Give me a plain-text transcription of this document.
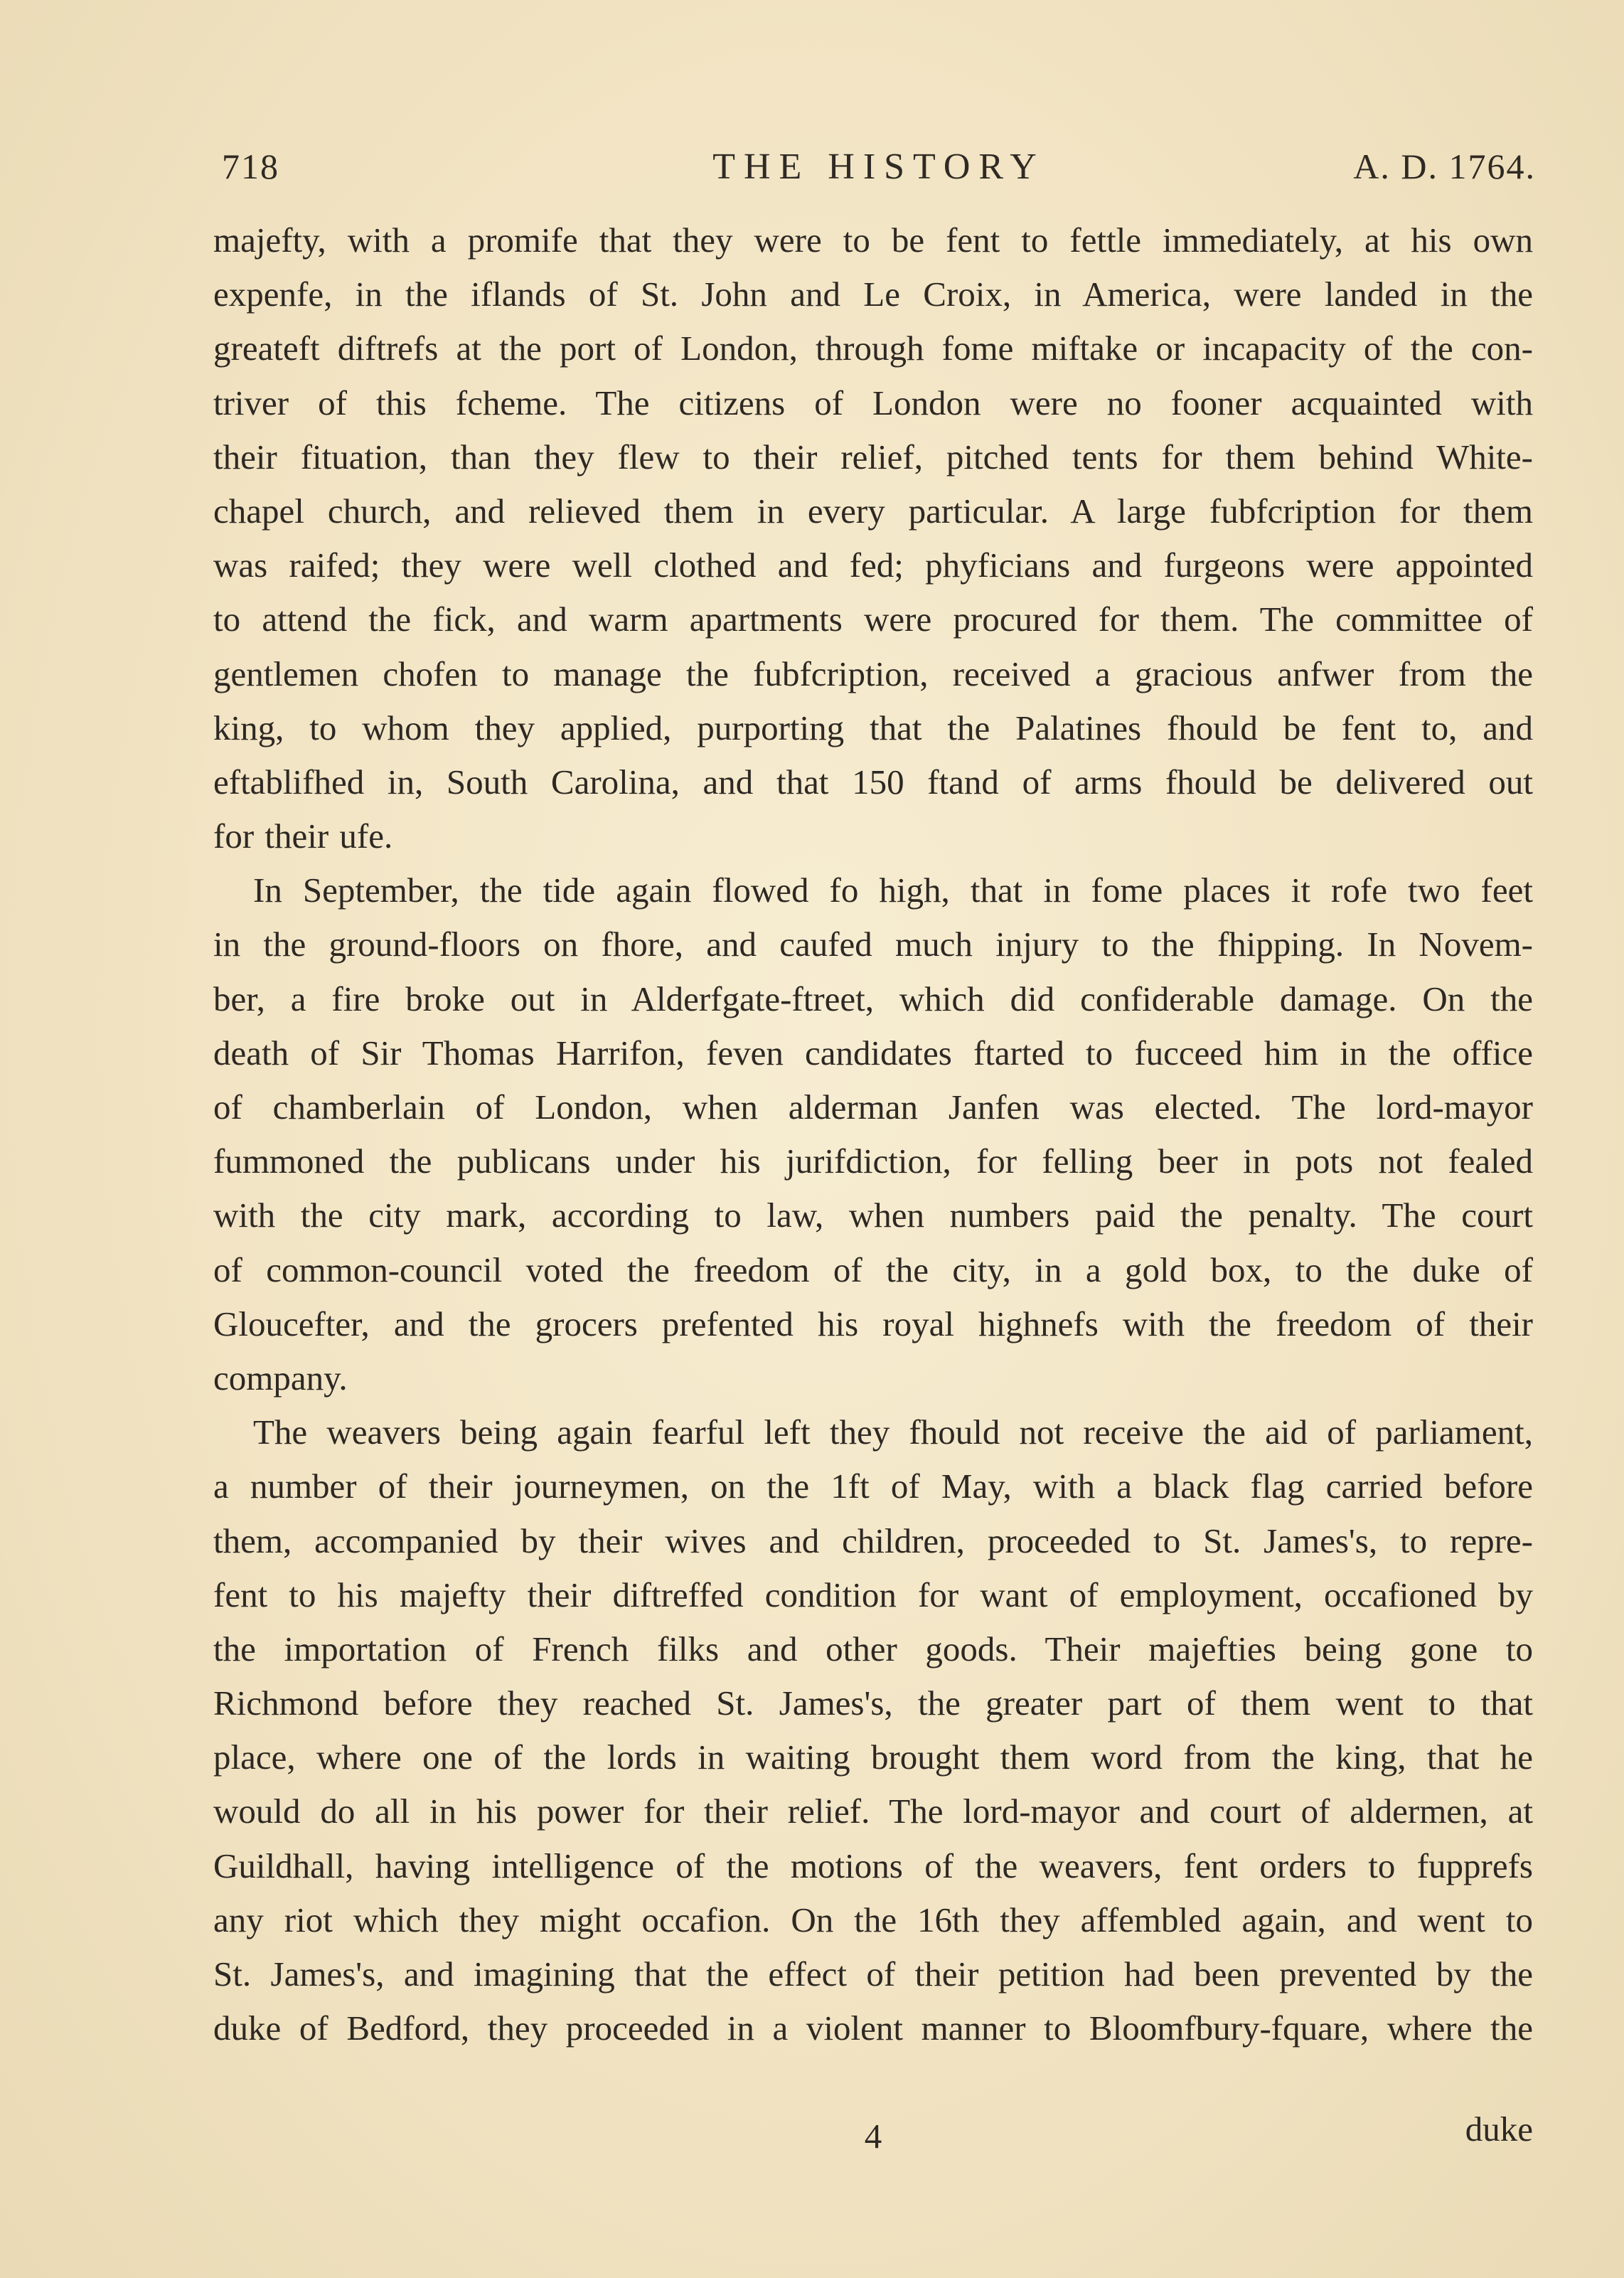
718	THE HISTORY	A. D. 1764.
majefty, with a promife that they were to be fent to fettle immediately, at his own
expenfe, in the iflands of St. John and Le Croix, in America, were landed in the
greateft diftrefs at the port of London, through fome miftake or incapacity of the con-
triver of this fcheme. The citizens of London were no fooner acquainted with
their fituation, than they flew to their relief, pitched tents for them behind White-
chapel church, and relieved them in every particular. A large fubfcription for them
was raifed; they were well clothed and fed; phyficians and furgeons were appointed
to attend the fick, and warm apartments were procured for them. The committee of
gentlemen chofen to manage the fubfcription, received a gracious anfwer from the
king, to whom they applied, purporting that the Palatines fhould be fent to, and
eftablifhed in, South Carolina, and that 150 ftand of arms fhould be delivered out
for their ufe.
In September, the tide again flowed fo high, that in fome places it rofe two feet
in the ground-floors on fhore, and caufed much injury to the fhipping. In Novem-
ber, a fire broke out in Alderfgate-ftreet, which did confiderable damage. On the
death of Sir Thomas Harrifon, feven candidates ftarted to fucceed him in the office
of chamberlain of London, when alderman Janfen was elected. The lord-mayor
fummoned the publicans under his jurifdiction, for felling beer in pots not fealed
with the city mark, according to law, when numbers paid the penalty. The court
of common-council voted the freedom of the city, in a gold box, to the duke of
Gloucefter, and the grocers prefented his royal highnefs with the freedom of their
company.
The weavers being again fearful left they fhould not receive the aid of parliament,
a number of their journeymen, on the 1ft of May, with a black flag carried before
them, accompanied by their wives and children, proceeded to St. James's, to repre-
fent to his majefty their diftreffed condition for want of employment, occafioned by
the importation of French filks and other goods. Their majefties being gone to
Richmond before they reached St. James's, the greater part of them went to that
place, where one of the lords in waiting brought them word from the king, that he
would do all in his power for their relief. The lord-mayor and court of aldermen, at
Guildhall, having intelligence of the motions of the weavers, fent orders to fupprefs
any riot which they might occafion. On the 16th they affembled again, and went to
St. James's, and imagining that the effect of their petition had been prevented by the
duke of Bedford, they proceeded in a violent manner to Bloomfbury-fquare, where the
4	duke
